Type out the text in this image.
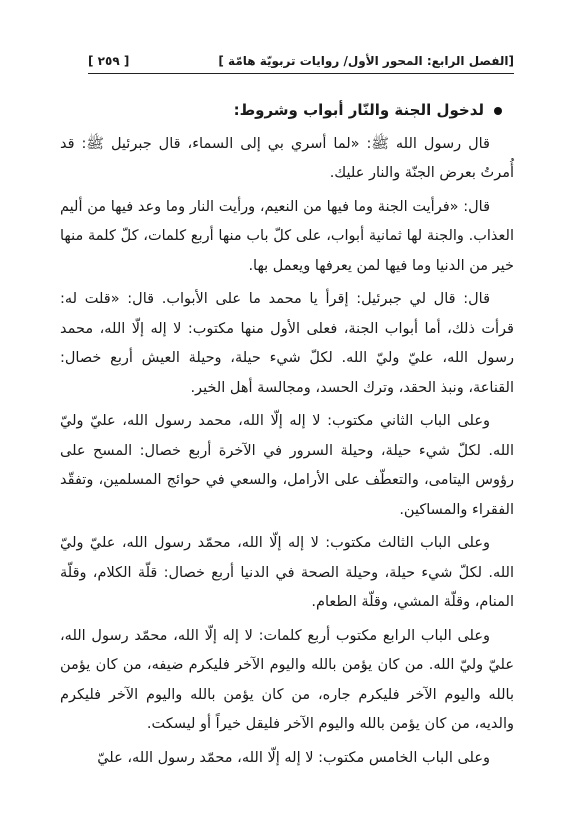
[الفصل الرابع: المحور الأول/ روايات تربويّة هامّة ]
[ ٢٥٩ ]

لدخول الجنة والنّار أبواب وشروط:

قال رسول الله ﷺ: «لما أسري بي إلى السماء، قال جبرئيل ﷺ: قد أُمرتُ بعرض الجنّة والنار عليك.

قال: «فرأيت الجنة وما فيها من النعيم، ورأيت النار وما وعد فيها من أليم العذاب. والجنة لها ثمانية أبواب، على كلّ باب منها أربع كلمات، كلّ كلمة منها خير من الدنيا وما فيها لمن يعرفها ويعمل بها.

قال: قال لي جبرئيل: إقرأ يا محمد ما على الأبواب. قال: «قلت له: قرأت ذلك، أما أبواب الجنة، فعلى الأول منها مكتوب: لا إله إلّا الله، محمد رسول الله، عليّ وليّ الله. لكلّ شيء حيلة، وحيلة العيش أربع خصال: القناعة، ونبذ الحقد، وترك الحسد، ومجالسة أهل الخير.

وعلى الباب الثاني مكتوب: لا إله إلّا الله، محمد رسول الله، عليّ وليّ الله. لكلّ شيء حيلة، وحيلة السرور في الآخرة أربع خصال: المسح على رؤوس اليتامى، والتعطّف على الأرامل، والسعي في حوائج المسلمين، وتفقّد الفقراء والمساكين.

وعلى الباب الثالث مكتوب: لا إله إلّا الله، محمّد رسول الله، عليّ وليّ الله. لكلّ شيء حيلة، وحيلة الصحة في الدنيا أربع خصال: قلّة الكلام، وقلّة المنام، وقلّة المشي، وقلّة الطعام.

وعلى الباب الرابع مكتوب أربع كلمات: لا إله إلّا الله، محمّد رسول الله، عليّ وليّ الله. من كان يؤمن بالله واليوم الآخر فليكرم ضيفه، من كان يؤمن بالله واليوم الآخر فليكرم جاره، من كان يؤمن بالله واليوم الآخر فليكرم والديه، من كان يؤمن بالله واليوم الآخر فليقل خيراً أو ليسكت.

وعلى الباب الخامس مكتوب: لا إله إلّا الله، محمّد رسول الله، عليّ
